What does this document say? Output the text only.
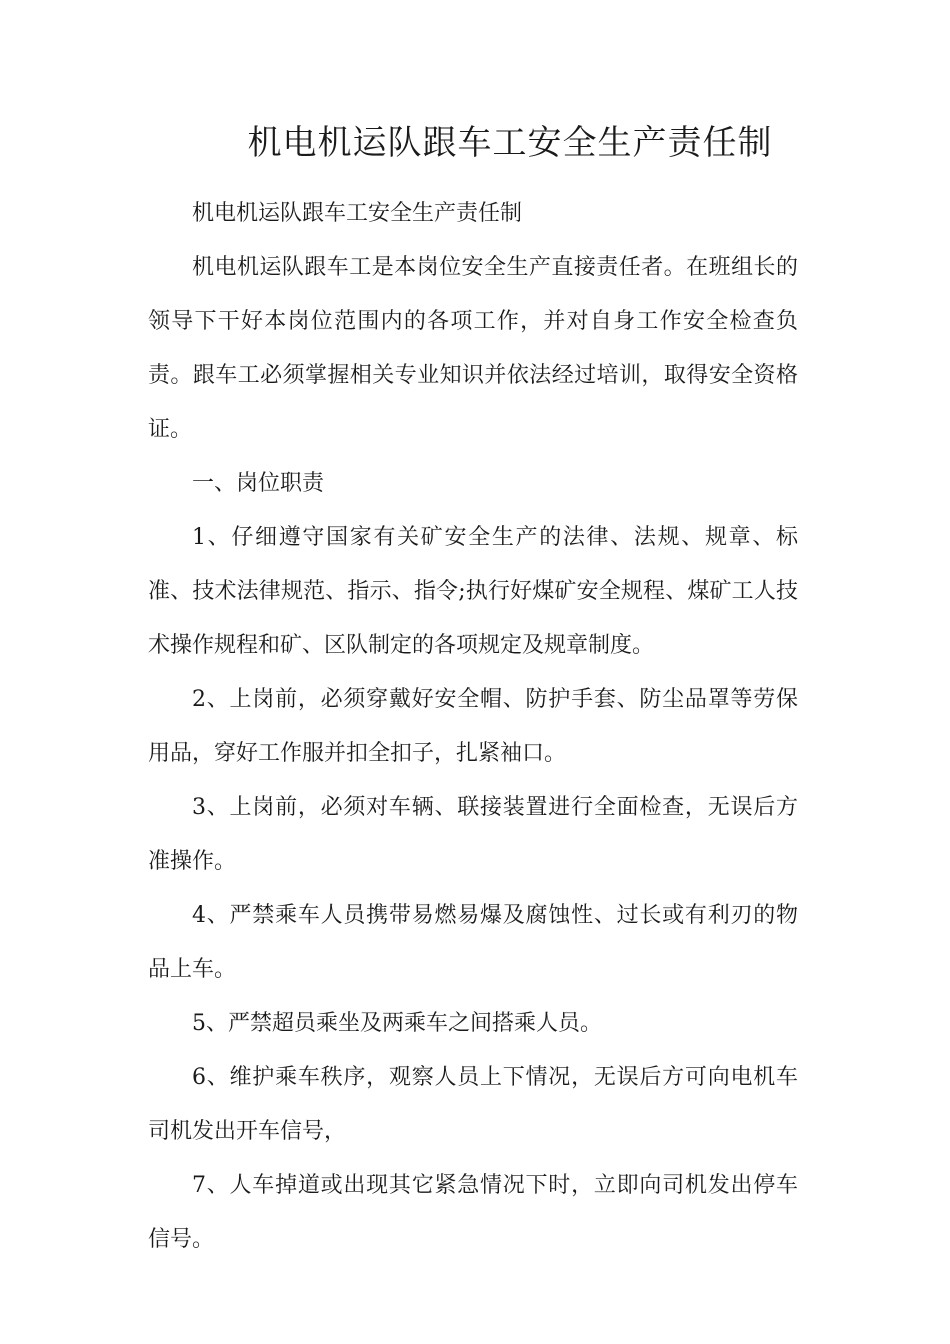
机电机运队跟车工安全生产责任制

机电机运队跟车工安全生产责任制

机电机运队跟车工是本岗位安全生产直接责任者。在班组长的领导下干好本岗位范围内的各项工作，并对自身工作安全检查负责。跟车工必须掌握相关专业知识并依法经过培训，取得安全资格证。

一、岗位职责

1、仔细遵守国家有关矿安全生产的法律、法规、规章、标准、技术法律规范、指示、指令;执行好煤矿安全规程、煤矿工人技术操作规程和矿、区队制定的各项规定及规章制度。

2、上岗前，必须穿戴好安全帽、防护手套、防尘品罩等劳保用品，穿好工作服并扣全扣子，扎紧袖口。

3、上岗前，必须对车辆、联接装置进行全面检查，无误后方准操作。

4、严禁乘车人员携带易燃易爆及腐蚀性、过长或有利刃的物品上车。

5、严禁超员乘坐及两乘车之间搭乘人员。

6、维护乘车秩序，观察人员上下情况，无误后方可向电机车司机发出开车信号，

7、人车掉道或出现其它紧急情况下时，立即向司机发出停车信号。
